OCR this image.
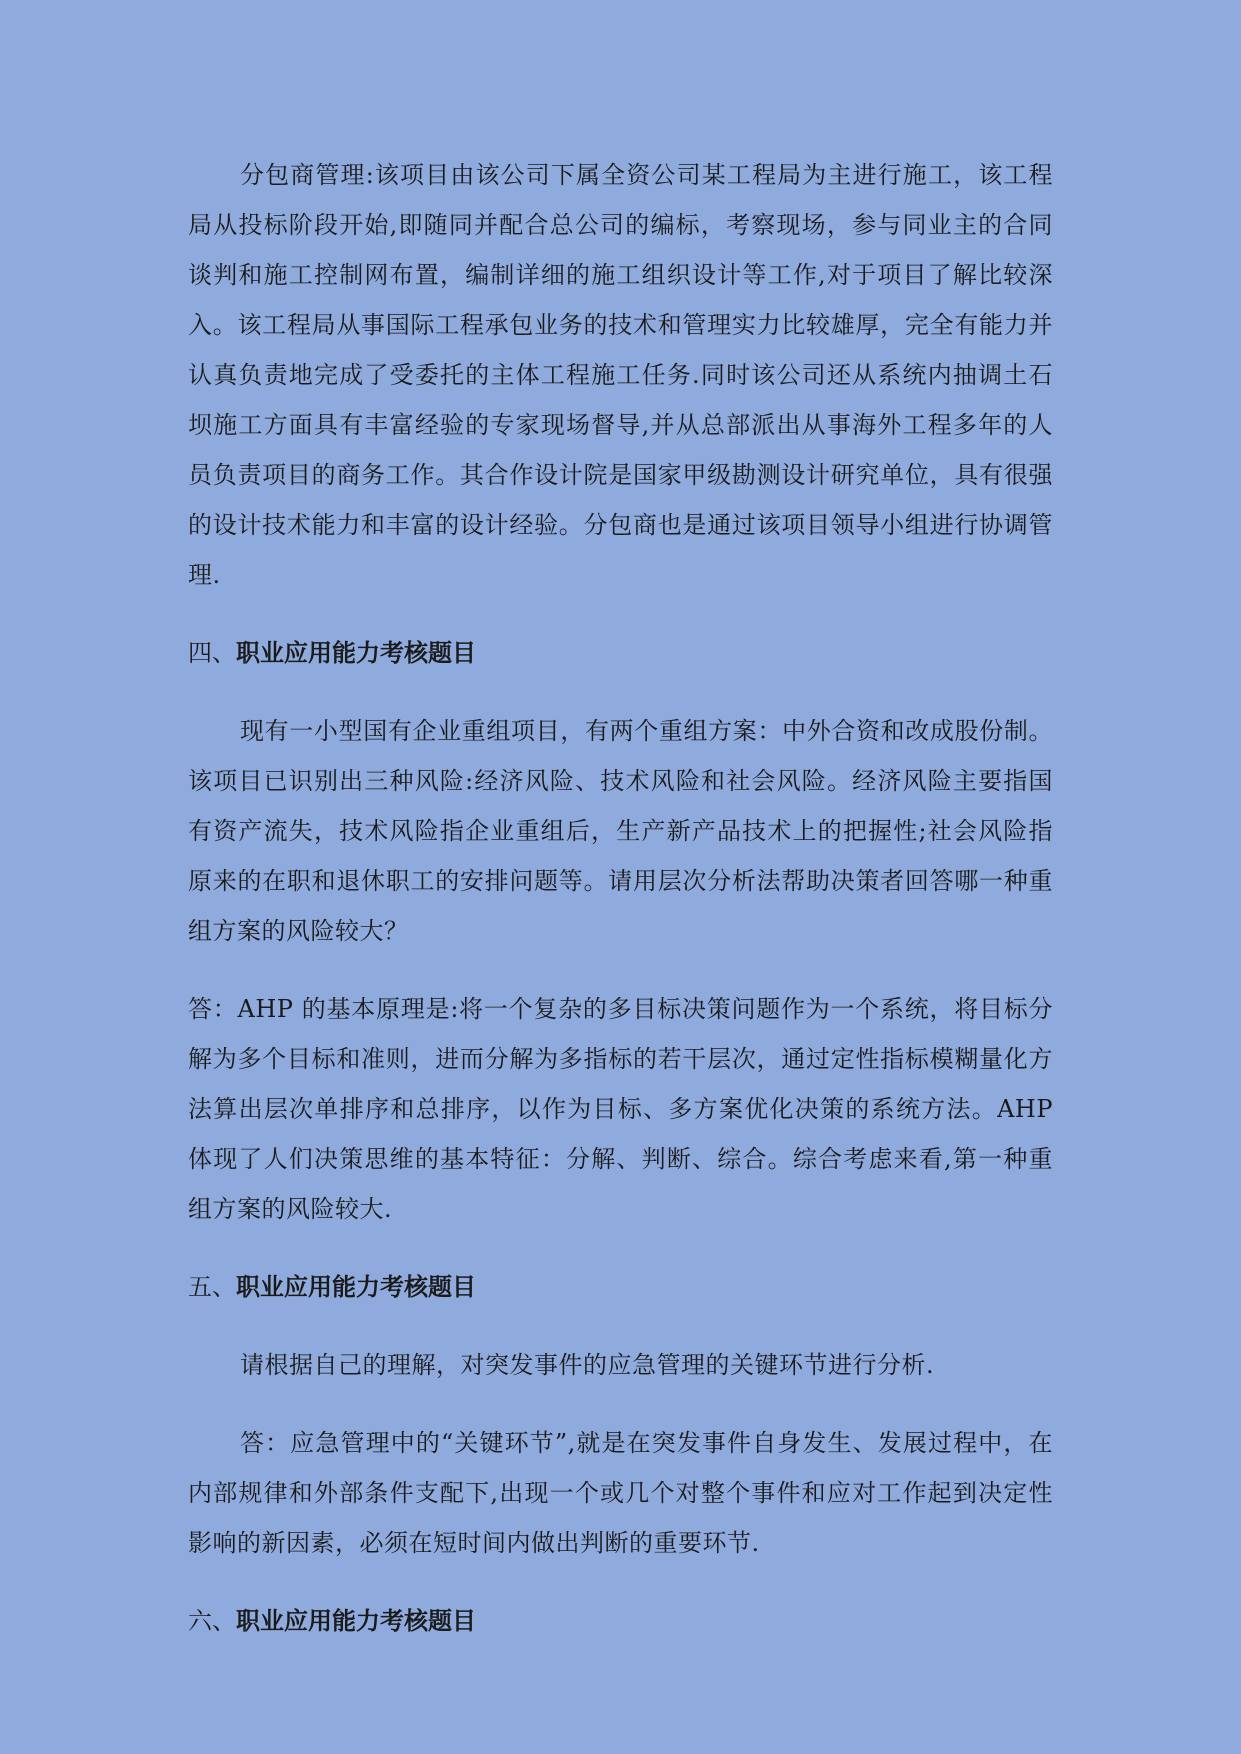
分包商管理:该项目由该公司下属全资公司某工程局为主进行施工，该工程局从投标阶段开始,即随同并配合总公司的编标，考察现场，参与同业主的合同谈判和施工控制网布置，编制详细的施工组织设计等工作,对于项目了解比较深入。该工程局从事国际工程承包业务的技术和管理实力比较雄厚，完全有能力并认真负责地完成了受委托的主体工程施工任务.同时该公司还从系统内抽调土石坝施工方面具有丰富经验的专家现场督导,并从总部派出从事海外工程多年的人员负责项目的商务工作。其合作设计院是国家甲级勘测设计研究单位，具有很强的设计技术能力和丰富的设计经验。分包商也是通过该项目领导小组进行协调管理.

四、职业应用能力考核题目

现有一小型国有企业重组项目，有两个重组方案：中外合资和改成股份制。该项目已识别出三种风险:经济风险、技术风险和社会风险。经济风险主要指国有资产流失，技术风险指企业重组后，生产新产品技术上的把握性;社会风险指原来的在职和退休职工的安排问题等。请用层次分析法帮助决策者回答哪一种重组方案的风险较大？

答：AHP 的基本原理是:将一个复杂的多目标决策问题作为一个系统，将目标分解为多个目标和准则，进而分解为多指标的若干层次，通过定性指标模糊量化方法算出层次单排序和总排序，以作为目标、多方案优化决策的系统方法。AHP 体现了人们决策思维的基本特征：分解、判断、综合。综合考虑来看,第一种重组方案的风险较大.

五、职业应用能力考核题目

请根据自己的理解，对突发事件的应急管理的关键环节进行分析.

答：应急管理中的“关键环节”,就是在突发事件自身发生、发展过程中，在内部规律和外部条件支配下,出现一个或几个对整个事件和应对工作起到决定性影响的新因素，必须在短时间内做出判断的重要环节.

六、职业应用能力考核题目
